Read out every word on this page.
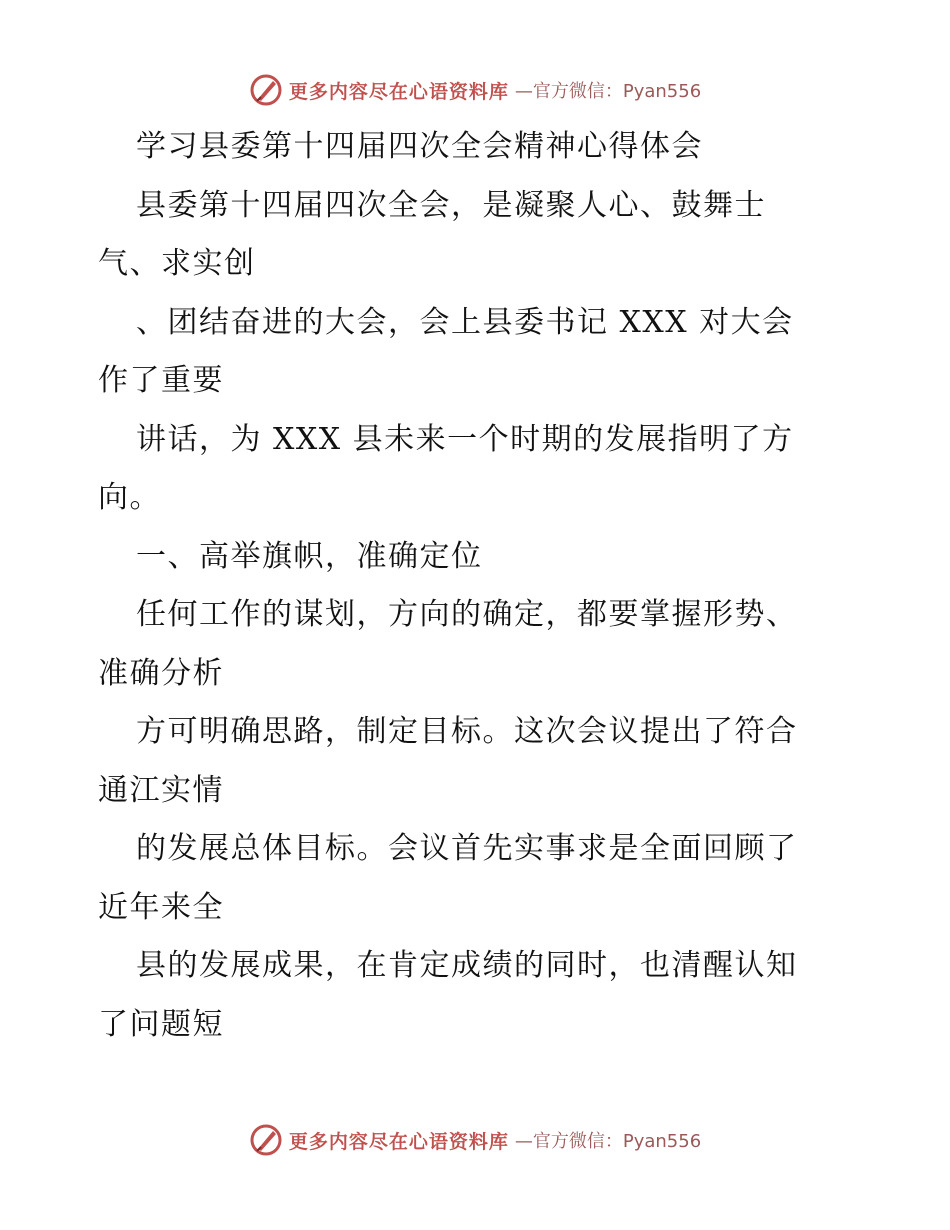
更多内容尽在心语资料库 —官方微信：Pyan556
学习县委第十四届四次全会精神心得体会
县委第十四届四次全会，是凝聚人心、鼓舞士
气、求实创
、团结奋进的大会，会上县委书记 XXX 对大会
作了重要
讲话，为 XXX 县未来一个时期的发展指明了方
向。
一、高举旗帜，准确定位
任何工作的谋划，方向的确定，都要掌握形势、
准确分析
方可明确思路，制定目标。这次会议提出了符合
通江实情
的发展总体目标。会议首先实事求是全面回顾了
近年来全
县的发展成果，在肯定成绩的同时，也清醒认知
了问题短
更多内容尽在心语资料库 —官方微信：Pyan556
